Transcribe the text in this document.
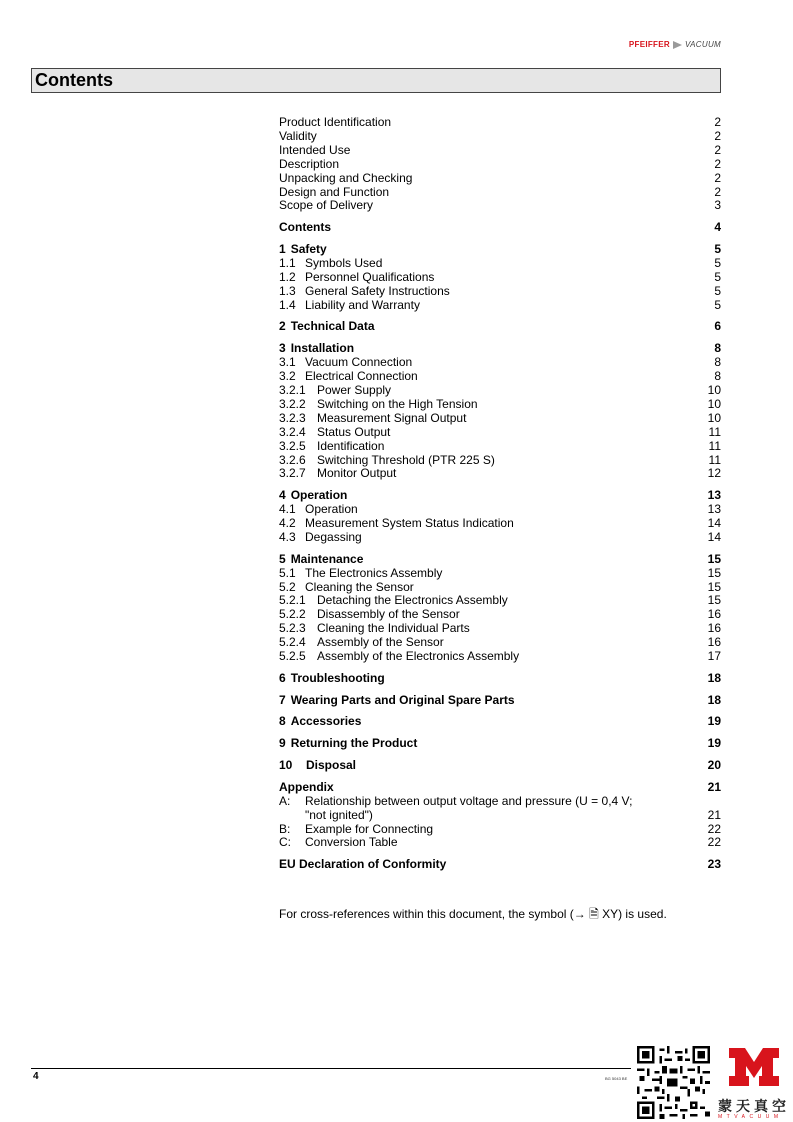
PFEIFFER VACUUM
Contents
Product Identification	2
Validity	2
Intended Use	2
Description	2
Unpacking and Checking	2
Design and Function	2
Scope of Delivery	3
Contents	4
1 Safety	5
1.1 Symbols Used	5
1.2 Personnel Qualifications	5
1.3 General Safety Instructions	5
1.4 Liability and Warranty	5
2 Technical Data	6
3 Installation	8
3.1 Vacuum Connection	8
3.2 Electrical Connection	8
3.2.1 Power Supply	10
3.2.2 Switching on the High Tension	10
3.2.3 Measurement Signal Output	10
3.2.4 Status Output	11
3.2.5 Identification	11
3.2.6 Switching Threshold (PTR 225 S)	11
3.2.7 Monitor Output	12
4 Operation	13
4.1 Operation	13
4.2 Measurement System Status Indication	14
4.3 Degassing	14
5 Maintenance	15
5.1 The Electronics Assembly	15
5.2 Cleaning the Sensor	15
5.2.1 Detaching the Electronics Assembly	15
5.2.2 Disassembly of the Sensor	16
5.2.3 Cleaning the Individual Parts	16
5.2.4 Assembly of the Sensor	16
5.2.5 Assembly of the Electronics Assembly	17
6 Troubleshooting	18
7 Wearing Parts and Original Spare Parts	18
8 Accessories	19
9 Returning the Product	19
10	Disposal	20
Appendix	21
A:	Relationship between output voltage and pressure (U = 0,4 V;
"not ignited")	21
B:	Example for Connecting	22
C:	Conversion Table	22
EU Declaration of Conformity	23
For cross-references within this document, the symbol (→ 🗎 XY) is used.
4	BG 5043 BE
蒙天真空
MTVACUUM
